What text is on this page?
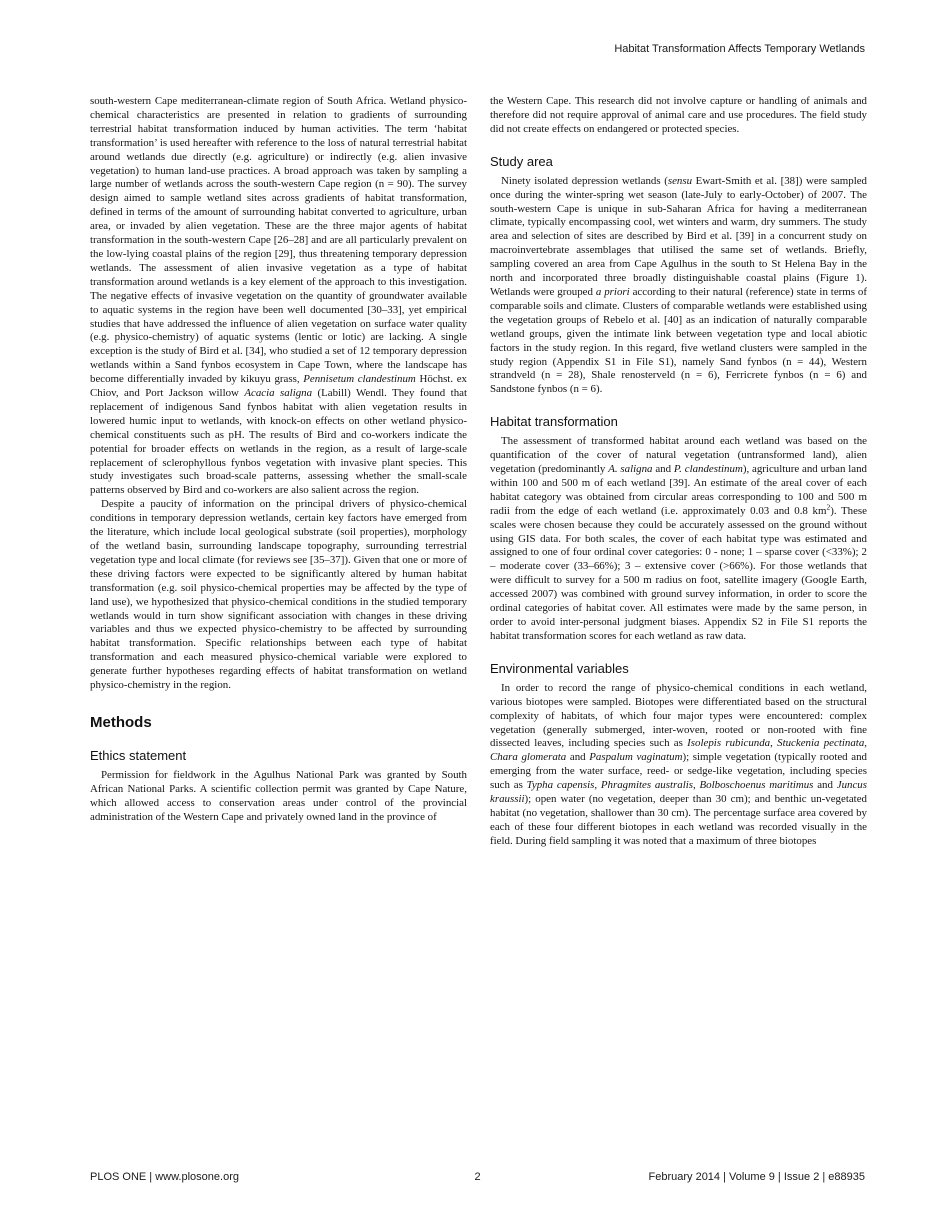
Habitat Transformation Affects Temporary Wetlands

south-western Cape mediterranean-climate region of South Africa. Wetland physico-chemical characteristics are presented in relation to gradients of surrounding terrestrial habitat transformation induced by human activities. The term ‘habitat transformation’ is used hereafter with reference to the loss of natural terrestrial habitat around wetlands due directly (e.g. agriculture) or indirectly (e.g. alien invasive vegetation) to human land-use practices. A broad approach was taken by sampling a large number of wetlands across the south-western Cape region (n = 90). The survey design aimed to sample wetland sites across gradients of habitat transformation, defined in terms of the amount of surrounding habitat converted to agriculture, urban area, or invaded by alien vegetation. These are the three major agents of habitat transformation in the south-western Cape [26–28] and are all particularly prevalent on the low-lying coastal plains of the region [29], thus threatening temporary depression wetlands. The assessment of alien invasive vegetation as a type of habitat transformation around wetlands is a key element of the approach to this investigation. The negative effects of invasive vegetation on the quantity of groundwater available to aquatic systems in the region have been well documented [30–33], yet empirical studies that have addressed the influence of alien vegetation on surface water quality (e.g. physico-chemistry) of aquatic systems (lentic or lotic) are lacking. A single exception is the study of Bird et al. [34], who studied a set of 12 temporary depression wetlands within a Sand fynbos ecosystem in Cape Town, where the landscape has become differentially invaded by kikuyu grass, Pennisetum clandestinum Höchst. ex Chiov, and Port Jackson willow Acacia saligna (Labill) Wendl. They found that replacement of indigenous Sand fynbos habitat with alien vegetation results in lowered humic input to wetlands, with knock-on effects on other wetland physico-chemical constituents such as pH. The results of Bird and co-workers indicate the potential for broader effects on wetlands in the region, as a result of large-scale replacement of sclerophyllous fynbos vegetation with invasive plant species. This study investigates such broad-scale patterns, assessing whether the small-scale patterns observed by Bird and co-workers are also salient across the region.

Despite a paucity of information on the principal drivers of physico-chemical conditions in temporary depression wetlands, certain key factors have emerged from the literature, which include local geological substrate (soil properties), morphology of the wetland basin, surrounding landscape topography, surrounding terrestrial vegetation type and local climate (for reviews see [35–37]). Given that one or more of these driving factors were expected to be significantly altered by human habitat transformation (e.g. soil physico-chemical properties may be affected by the type of land use), we hypothesized that physico-chemical conditions in the studied temporary wetlands would in turn show significant association with changes in these driving variables and thus we expected physico-chemistry to be affected by surrounding habitat transformation. Specific relationships between each type of habitat transformation and each measured physico-chemical variable were explored to generate further hypotheses regarding effects of habitat transformation on wetland physico-chemistry in the region.

Methods
Ethics statement

Permission for fieldwork in the Agulhus National Park was granted by South African National Parks. A scientific collection permit was granted by Cape Nature, which allowed access to conservation areas under control of the provincial administration of the Western Cape and privately owned land in the province of

the Western Cape. This research did not involve capture or handling of animals and therefore did not require approval of animal care and use procedures. The field study did not create effects on endangered or protected species.

Study area

Ninety isolated depression wetlands (sensu Ewart-Smith et al. [38]) were sampled once during the winter-spring wet season (late-July to early-October) of 2007. The south-western Cape is unique in sub-Saharan Africa for having a mediterranean climate, typically encompassing cool, wet winters and warm, dry summers. The study area and selection of sites are described by Bird et al. [39] in a concurrent study on macroinvertebrate assemblages that utilised the same set of wetlands. Briefly, sampling covered an area from Cape Agulhus in the south to St Helena Bay in the north and incorporated three broadly distinguishable coastal plains (Figure 1). Wetlands were grouped a priori according to their natural (reference) state in terms of comparable soils and climate. Clusters of comparable wetlands were established using the vegetation groups of Rebelo et al. [40] as an indication of naturally comparable wetland groups, given the intimate link between vegetation type and local abiotic factors in the study region. In this regard, five wetland clusters were sampled in the study region (Appendix S1 in File S1), namely Sand fynbos (n = 44), Western strandveld (n = 28), Shale renosterveld (n = 6), Ferricrete fynbos (n = 6) and Sandstone fynbos (n = 6).

Habitat transformation

The assessment of transformed habitat around each wetland was based on the quantification of the cover of natural vegetation (untransformed land), alien vegetation (predominantly A. saligna and P. clandestinum), agriculture and urban land within 100 and 500 m of each wetland [39]. An estimate of the areal cover of each habitat category was obtained from circular areas corresponding to 100 and 500 m radii from the edge of each wetland (i.e. approximately 0.03 and 0.8 $km^2$). These scales were chosen because they could be accurately assessed on the ground without using GIS data. For both scales, the cover of each habitat type was estimated and assigned to one of four ordinal cover categories: 0 - none; 1 – sparse cover (<33%); 2 – moderate cover (33–66%); 3 – extensive cover (>66%). For those wetlands that were difficult to survey for a 500 m radius on foot, satellite imagery (Google Earth, accessed 2007) was combined with ground survey information, in order to score the ordinal categories of habitat cover. All estimates were made by the same person, in order to avoid inter-personal judgment biases. Appendix S2 in File S1 reports the habitat transformation scores for each wetland as raw data.

Environmental variables

In order to record the range of physico-chemical conditions in each wetland, various biotopes were sampled. Biotopes were differentiated based on the structural complexity of habitats, of which four major types were encountered: complex vegetation (generally submerged, inter-woven, rooted or non-rooted with fine dissected leaves, including species such as Isolepis rubicunda, Stuckenia pectinata, Chara glomerata and Paspalum vaginatum); simple vegetation (typically rooted and emerging from the water surface, reed- or sedge-like vegetation, including species such as Typha capensis, Phragmites australis, Bolboschoenus maritimus and Juncus kraussii); open water (no vegetation, deeper than 30 cm); and benthic un-vegetated habitat (no vegetation, shallower than 30 cm). The percentage surface area covered by each of these four different biotopes in each wetland was recorded visually in the field. During field sampling it was noted that a maximum of three biotopes

PLOS ONE | www.plosone.org	2	February 2014 | Volume 9 | Issue 2 | e88935
